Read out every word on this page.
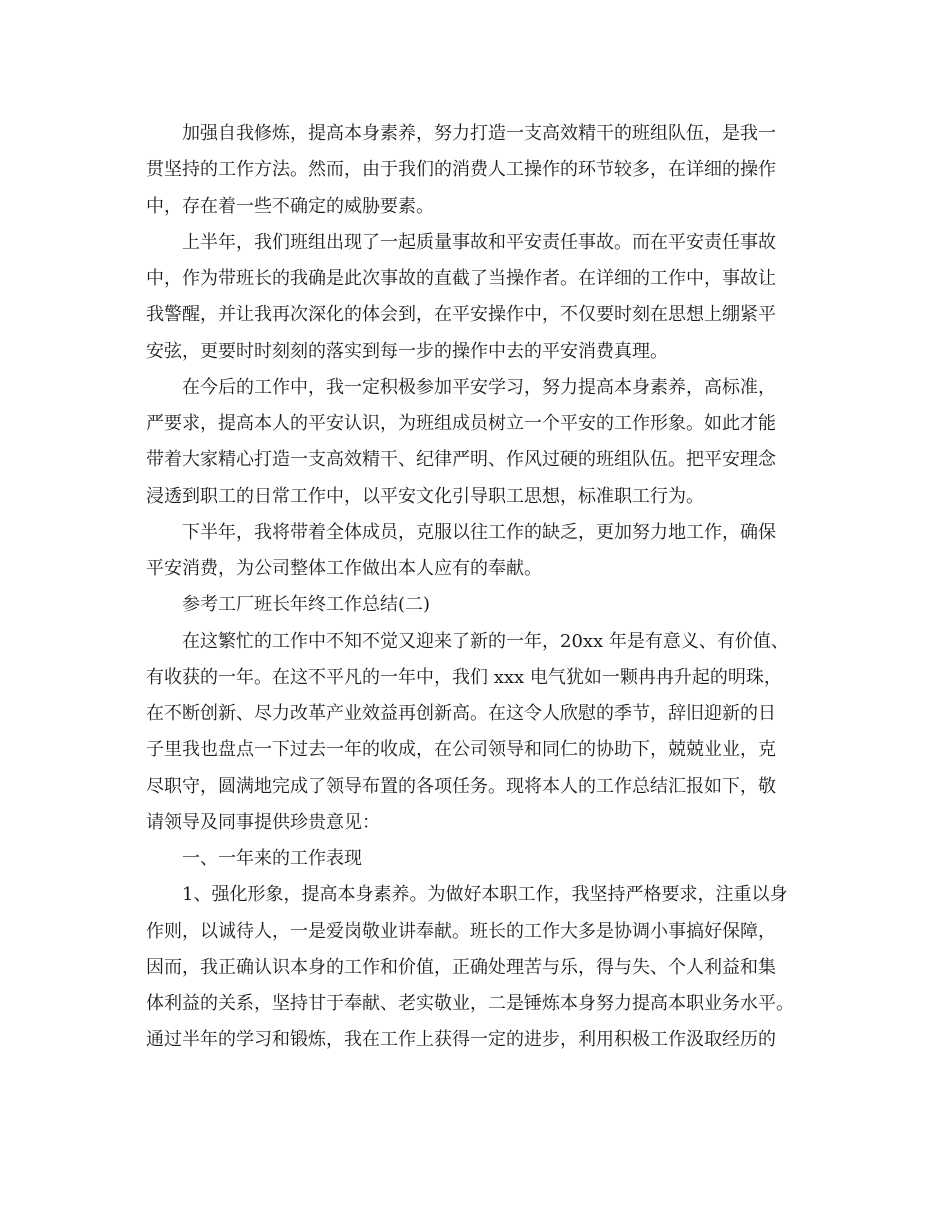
加强自我修炼，提高本身素养，努力打造一支高效精干的班组队伍，是我一
贯坚持的工作方法。然而，由于我们的消费人工操作的环节较多，在详细的操作
中，存在着一些不确定的威胁要素。
上半年，我们班组出现了一起质量事故和平安责任事故。而在平安责任事故
中，作为带班长的我确是此次事故的直截了当操作者。在详细的工作中，事故让
我警醒，并让我再次深化的体会到，在平安操作中，不仅要时刻在思想上绷紧平
安弦，更要时时刻刻的落实到每一步的操作中去的平安消费真理。
在今后的工作中，我一定积极参加平安学习，努力提高本身素养，高标准，
严要求，提高本人的平安认识，为班组成员树立一个平安的工作形象。如此才能
带着大家精心打造一支高效精干、纪律严明、作风过硬的班组队伍。把平安理念
浸透到职工的日常工作中，以平安文化引导职工思想，标准职工行为。
下半年，我将带着全体成员，克服以往工作的缺乏，更加努力地工作，确保
平安消费，为公司整体工作做出本人应有的奉献。
参考工厂班长年终工作总结(二)
在这繁忙的工作中不知不觉又迎来了新的一年，20xx 年是有意义、有价值、
有收获的一年。在这不平凡的一年中，我们 xxx 电气犹如一颗冉冉升起的明珠，
在不断创新、尽力改革产业效益再创新高。在这令人欣慰的季节，辞旧迎新的日
子里我也盘点一下过去一年的收成，在公司领导和同仁的协助下，兢兢业业，克
尽职守，圆满地完成了领导布置的各项任务。现将本人的工作总结汇报如下，敬
请领导及同事提供珍贵意见：
一、一年来的工作表现
1、强化形象，提高本身素养。为做好本职工作，我坚持严格要求，注重以身
作则，以诚待人，一是爱岗敬业讲奉献。班长的工作大多是协调小事搞好保障，
因而，我正确认识本身的工作和价值，正确处理苦与乐，得与失、个人利益和集
体利益的关系，坚持甘于奉献、老实敬业，二是锤炼本身努力提高本职业务水平。
通过半年的学习和锻炼，我在工作上获得一定的进步，利用积极工作汲取经历的
